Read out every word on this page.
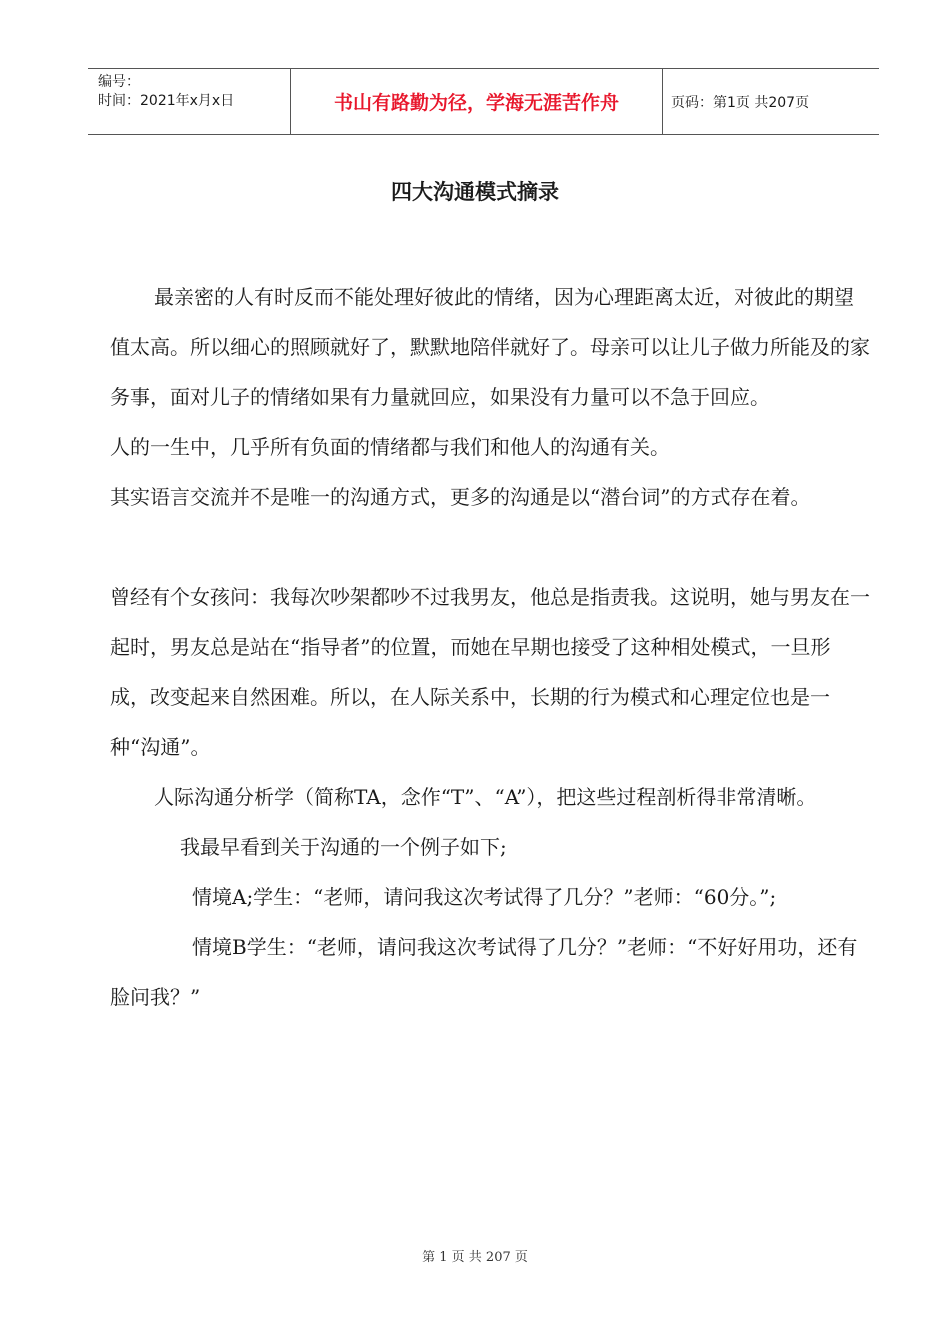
编号：
时间：2021年x月x日	书山有路勤为径，学海无涯苦作舟	页码：第1页 共207页
四大沟通模式摘录

最亲密的人有时反而不能处理好彼此的情绪，因为心理距离太近，对彼此的期望值太高。所以细心的照顾就好了，默默地陪伴就好了。母亲可以让儿子做力所能及的家务事，面对儿子的情绪如果有力量就回应，如果没有力量可以不急于回应。

人的一生中，几乎所有负面的情绪都与我们和他人的沟通有关。

其实语言交流并不是唯一的沟通方式，更多的沟通是以“潜台词”的方式存在着。

曾经有个女孩问：我每次吵架都吵不过我男友，他总是指责我。这说明，她与男友在一起时，男友总是站在“指导者”的位置，而她在早期也接受了这种相处模式，一旦形成，改变起来自然困难。所以，在人际关系中，长期的行为模式和心理定位也是一种“沟通”。

人际沟通分析学（简称TA，念作“T”、“A”），把这些过程剖析得非常清晰。

我最早看到关于沟通的一个例子如下;

情境A;学生：“老师，请问我这次考试得了几分？”老师：“60分。”;

情境B学生：“老师，请问我这次考试得了几分？”老师：“不好好用功，还有脸问我？”

第 1 页 共 207 页
